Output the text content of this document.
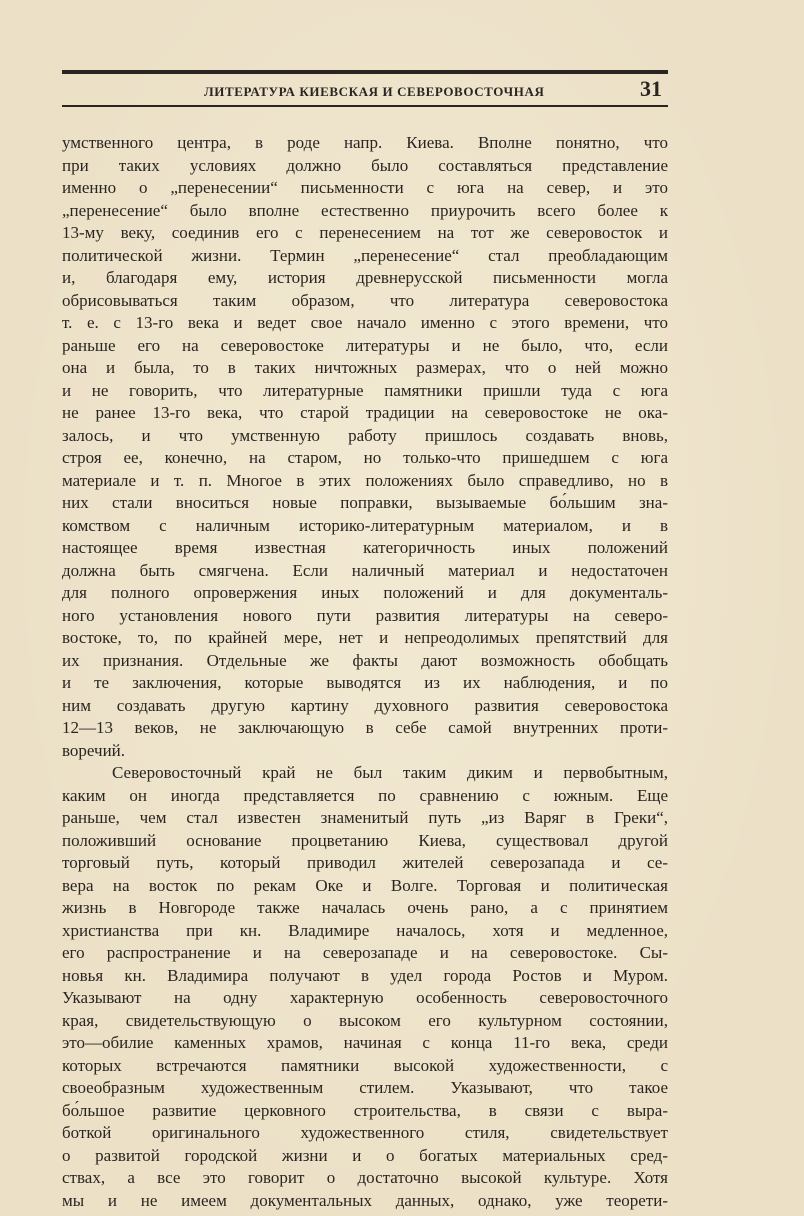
ЛИТЕРАТУРА КИЕВСКАЯ И СЕВЕРОВОСТОЧНАЯ	31
умственного центра, в роде напр. Киева. Вполне понятно, что
при таких условиях должно было составляться представление
именно о „перенесении“ письменности с юга на север, и это
„перенесение“ было вполне естественно приурочить всего более к
13-му веку, соединив его с перенесением на тот же северовосток и
политической жизни. Термин „перенесение“ стал преобладающим
и, благодаря ему, история древнерусской письменности могла
обрисовываться таким образом, что литература северовостока
т. е. с 13-го века и ведет свое начало именно с этого времени, что
раньше его на северовостоке литературы и не было, что, если
она и была, то в таких ничтожных размерах, что о ней можно
и не говорить, что литературные памятники пришли туда с юга
не ранее 13-го века, что старой традиции на северовостоке не ока-
залось, и что умственную работу пришлось создавать вновь,
строя ее, конечно, на старом, но только-что пришедшем с юга
материале и т. п. Многое в этих положениях было справедливо, но в
них стали вноситься новые поправки, вызываемые бо́льшим зна-
комством с наличным историко-литературным материалом, и в
настоящее время известная категоричность иных положений
должна быть смягчена. Если наличный материал и недостаточен
для полного опровержения иных положений и для документаль-
ного установления нового пути развития литературы на северо-
востоке, то, по крайней мере, нет и непреодолимых препятствий для
их признания. Отдельные же факты дают возможность обобщать
и те заключения, которые выводятся из их наблюдения, и по
ним создавать другую картину духовного развития северовостока
12—13 веков, не заключающую в себе самой внутренних проти-
воречий.
Северовосточный край не был таким диким и первобытным,
каким он иногда представляется по сравнению с южным. Еще
раньше, чем стал известен знаменитый путь „из Варяг в Греки“,
положивший основание процветанию Киева, существовал другой
торговый путь, который приводил жителей северозапада и се-
вера на восток по рекам Оке и Волге. Торговая и политическая
жизнь в Новгороде также началась очень рано, а с принятием
христианства при кн. Владимире началось, хотя и медленное,
его распространение и на северозападе и на северовостоке. Сы-
новья кн. Владимира получают в удел города Ростов и Муром.
Указывают на одну характерную особенность северовосточного
края, свидетельствующую о высоком его культурном состоянии,
это—обилие каменных храмов, начиная с конца 11-го века, среди
которых встречаются памятники высокой художественности, с
своеобразным художественным стилем. Указывают, что такое
бо́льшое развитие церковного строительства, в связи с выра-
боткой оригинального художественного стиля, свидетельствует
о развитой городской жизни и о богатых материальных сред-
ствах, а все это говорит о достаточно высокой культуре. Хотя
мы и не имеем документальных данных, однако, уже теорети-
